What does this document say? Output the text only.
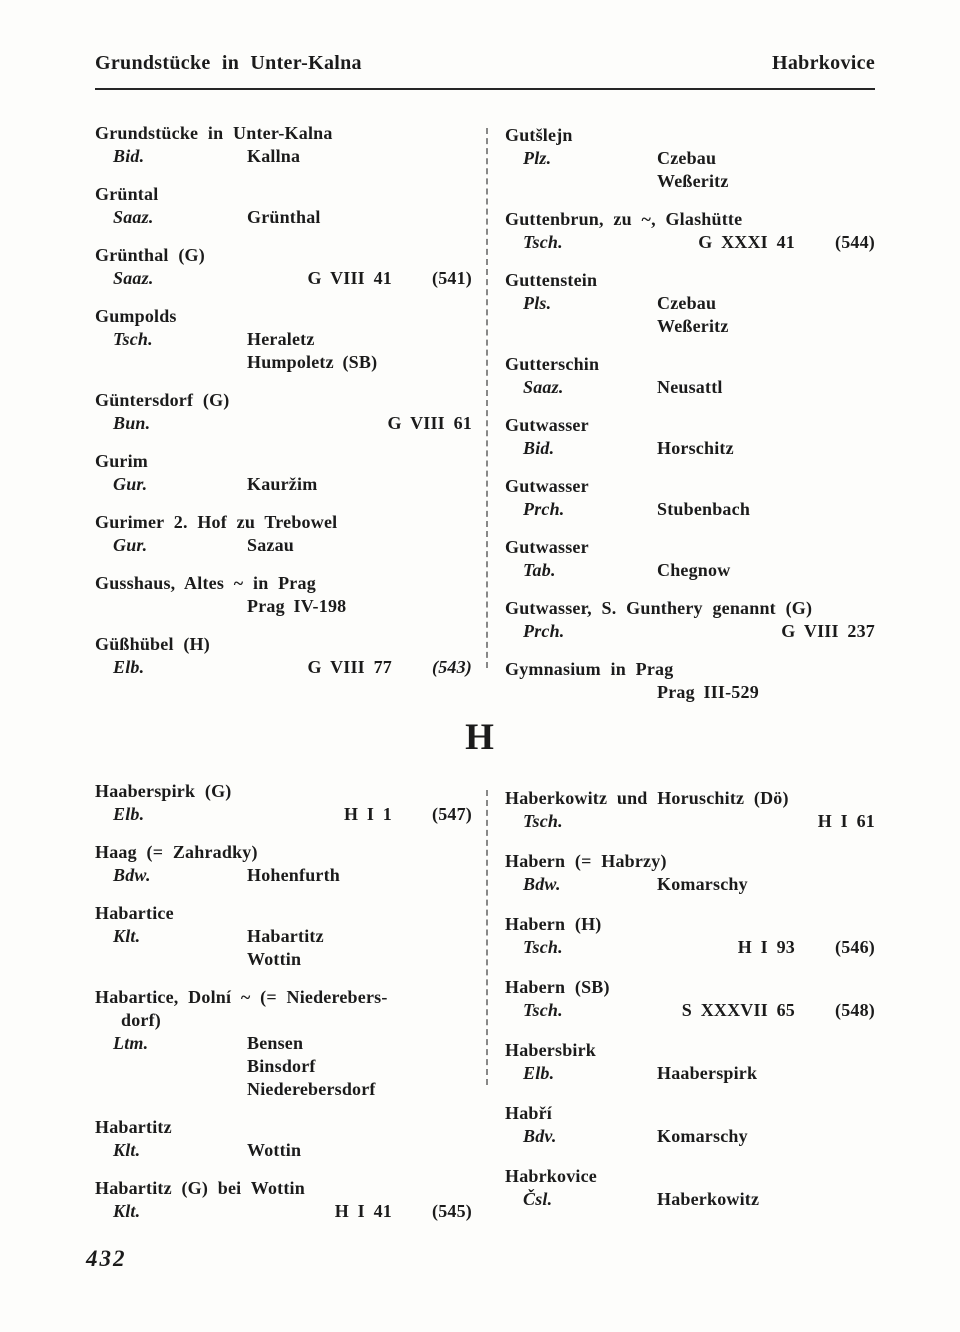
Grundstücke in Unter-Kalna	Habrkovice
Grundstücke in Unter-Kalna
Bid.	Kallna
Grüntal
Saaz.	Grünthal
Grünthal (G)
Saaz.	G VIII 41	(541)
Gumpolds
Tsch.	Heraletz
Humpoletz (SB)
Güntersdorf (G)
Bun.	G VIII 61
Gurim
Gur.	Kauržim
Gurimer 2. Hof zu Trebowel
Gur.	Sazau
Gusshaus, Altes ~ in Prag
Prag IV-198
Güßhübel (H)
Elb.	G VIII 77	(543)
Gutšlejn
Plz.	Czebau
Weßeritz
Guttenbrun, zu ~, Glashütte
Tsch.	G XXXI 41	(544)
Guttenstein
Pls.	Czebau
Weßeritz
Gutterschin
Saaz.	Neusattl
Gutwasser
Bid.	Horschitz
Gutwasser
Prch.	Stubenbach
Gutwasser
Tab.	Chegnow
Gutwasser, S. Gunthery genannt (G)
Prch.	G VIII 237
Gymnasium in Prag
Prag III-529
H
Haaberspirk (G)
Elb.	H I 1	(547)
Haag (= Zahradky)
Bdw.	Hohenfurth
Habartice
Klt.	Habartitz
Wottin
Habartice, Dolní ~ (= Niederebers-
dorf)
Ltm.	Bensen
Binsdorf
Niederebersdorf
Habartitz
Klt.	Wottin
Habartitz (G) bei Wottin
Klt.	H I 41	(545)
Haberkowitz und Horuschitz (Dö)
Tsch.	H I 61
Habern (= Habrzy)
Bdw.	Komarschy
Habern (H)
Tsch.	H I 93	(546)
Habern (SB)
Tsch.	S XXXVII 65	(548)
Habersbirk
Elb.	Haaberspirk
Habří
Bdv.	Komarschy
Habrkovice
Čsl.	Haberkowitz
432
